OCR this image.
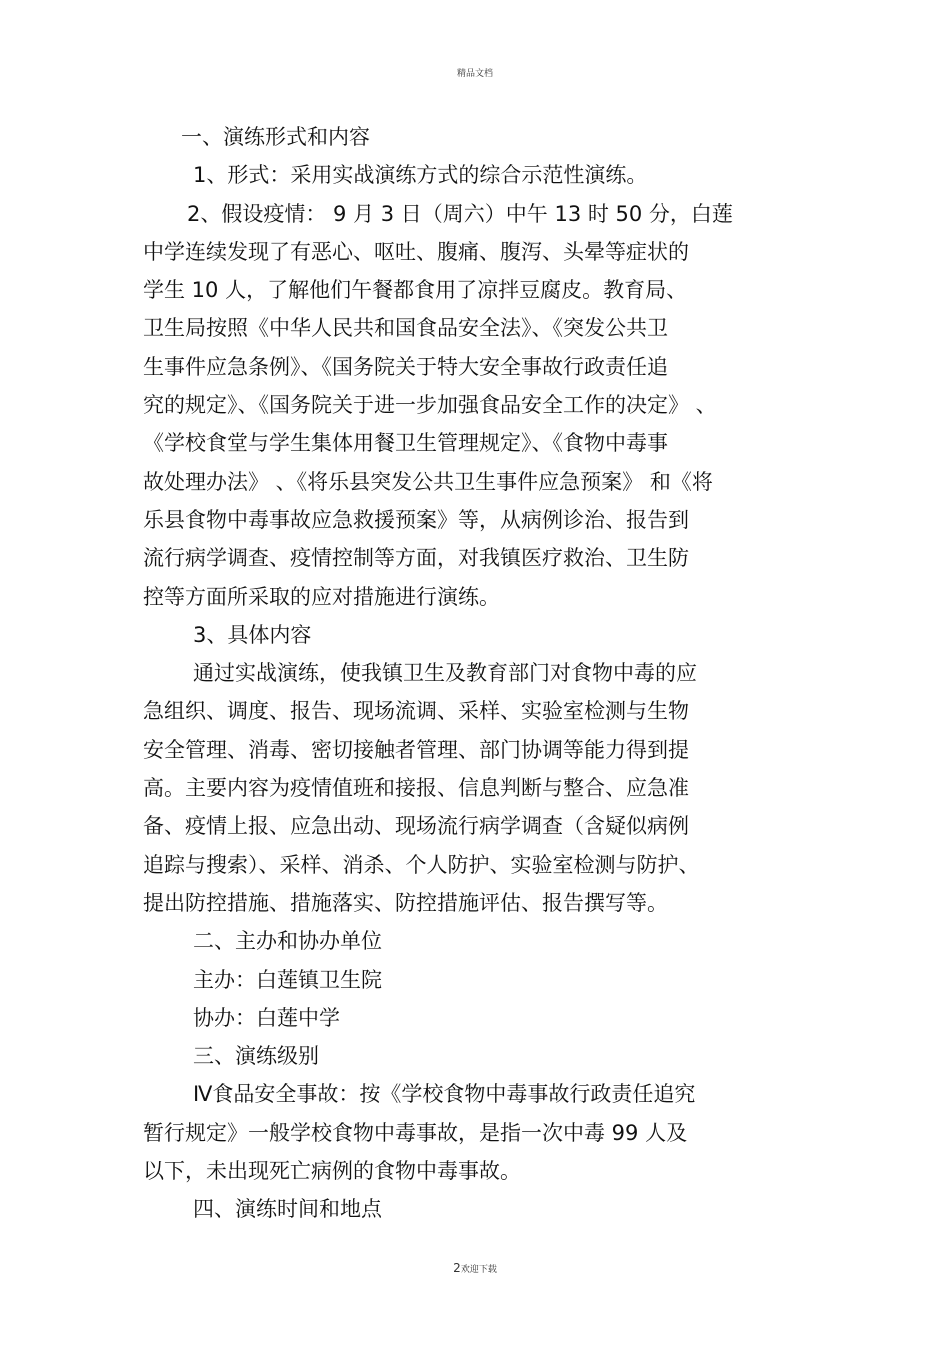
精品文档
一、演练形式和内容
1、形式：采用实战演练方式的综合示范性演练。
2、假设疫情： 9 月 3 日（周六）中午 13 时 50 分，白莲
中学连续发现了有恶心、呕吐、腹痛、腹泻、头晕等症状的
学生 10 人，了解他们午餐都食用了凉拌豆腐皮。教育局、
卫生局按照《中华人民共和国食品安全法》、《突发公共卫
生事件应急条例》、《国务院关于特大安全事故行政责任追
究的规定》、《国务院关于进一步加强食品安全工作的决定》 、
《学校食堂与学生集体用餐卫生管理规定》、《食物中毒事
故处理办法》 、《将乐县突发公共卫生事件应急预案》 和《将
乐县食物中毒事故应急救援预案》等，从病例诊治、报告到
流行病学调查、疫情控制等方面，对我镇医疗救治、卫生防
控等方面所采取的应对措施进行演练。
3、具体内容
通过实战演练，使我镇卫生及教育部门对食物中毒的应
急组织、调度、报告、现场流调、采样、实验室检测与生物
安全管理、消毒、密切接触者管理、部门协调等能力得到提
高。主要内容为疫情值班和接报、信息判断与整合、应急准
备、疫情上报、应急出动、现场流行病学调查（含疑似病例
追踪与搜索）、采样、消杀、个人防护、实验室检测与防护、
提出防控措施、措施落实、防控措施评估、报告撰写等。
二、主办和协办单位
主办：白莲镇卫生院
协办：白莲中学
三、演练级别
Ⅳ食品安全事故：按《学校食物中毒事故行政责任追究
暂行规定》一般学校食物中毒事故，是指一次中毒 99 人及
以下，未出现死亡病例的食物中毒事故。
四、演练时间和地点
2欢迎下载
